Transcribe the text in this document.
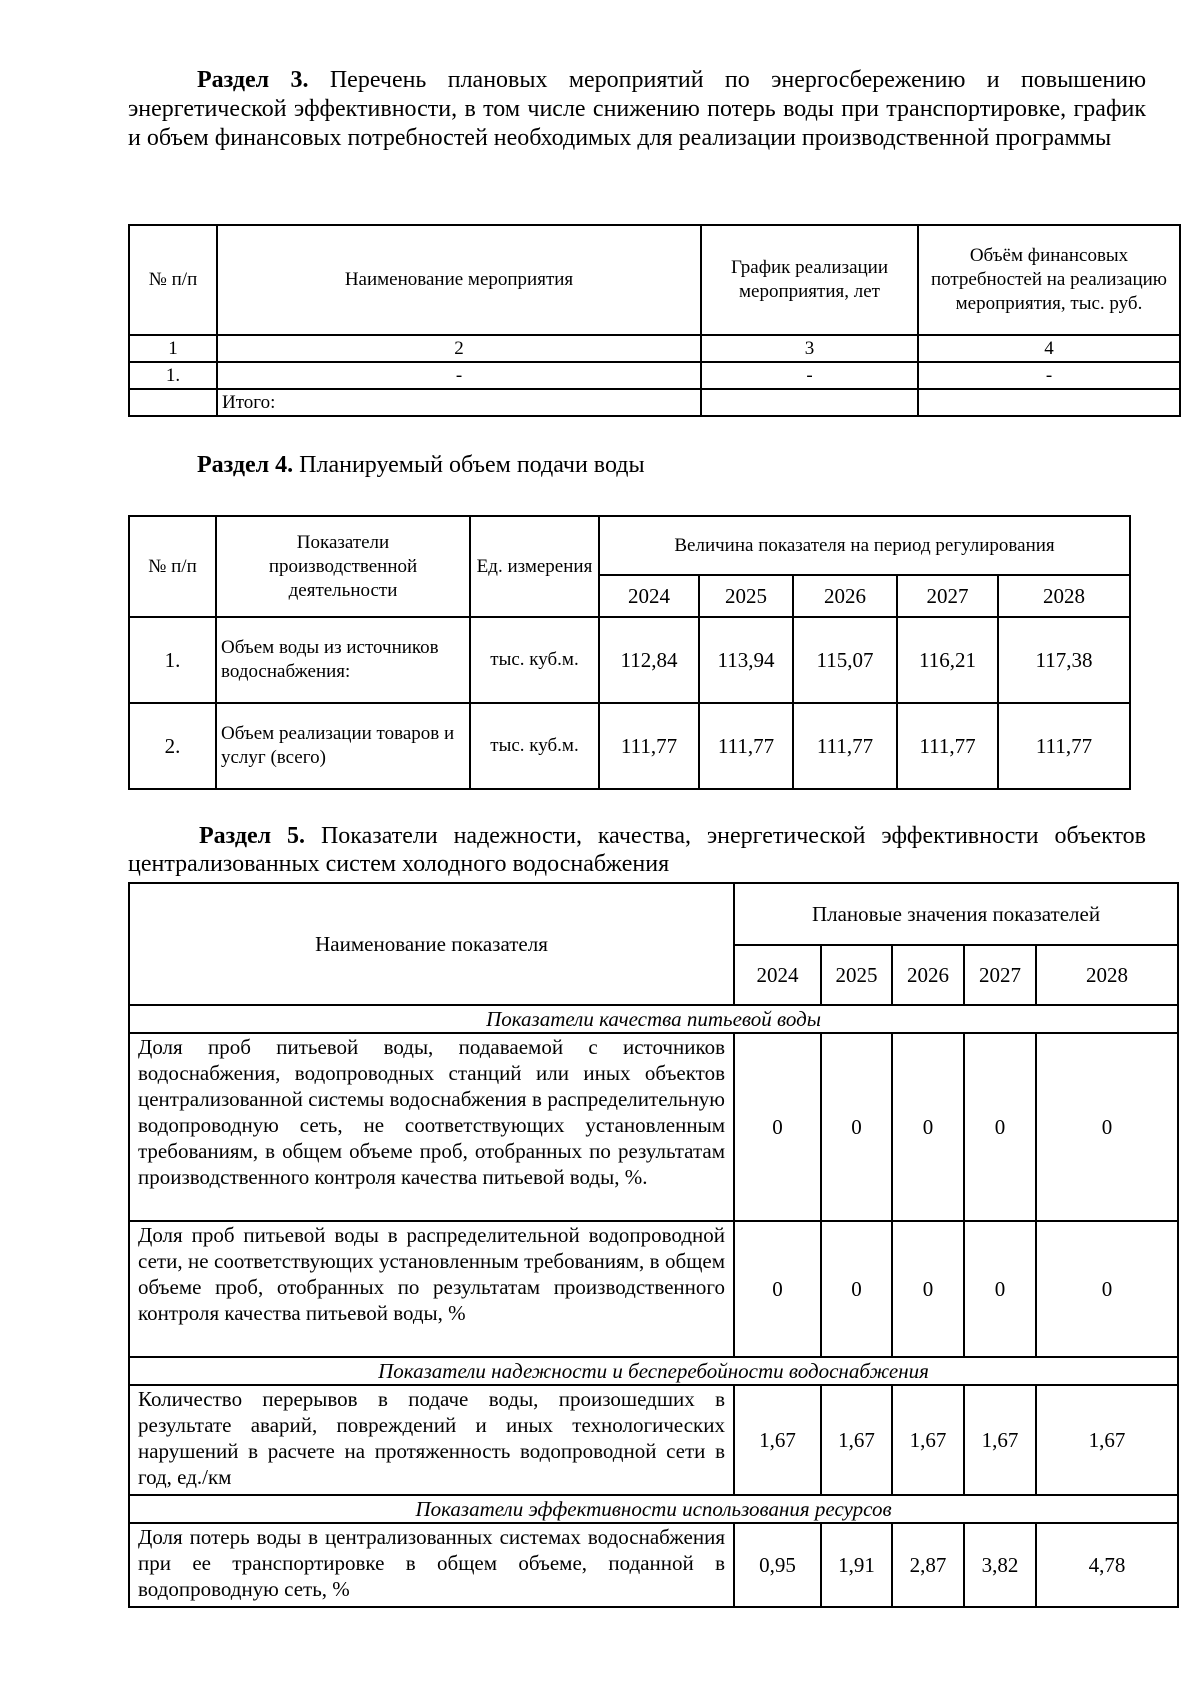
Раздел 3. Перечень плановых мероприятий по энергосбережению и повышению энергетической эффективности, в том числе снижению потерь воды при транспортировке, график и объем финансовых потребностей необходимых для реализации производственной программы

№ п/п	Наименование мероприятия	График реализации мероприятия, лет	Объём финансовых потребностей на реализацию мероприятия, тыс. руб.
1	2	3	4
1.	-	-	-
	Итого:		

Раздел 4. Планируемый объем подачи воды

№ п/п	Показатели производственной деятельности	Ед. измерения	Величина показателя на период регулирования				
			2024	2025	2026	2027	2028
1.	Объем воды из источников водоснабжения:	тыс. куб.м.	112,84	113,94	115,07	116,21	117,38
2.	Объем реализации товаров и услуг (всего)	тыс. куб.м.	111,77	111,77	111,77	111,77	111,77

Раздел 5. Показатели надежности, качества, энергетической эффективности объектов централизованных систем холодного водоснабжения

Наименование показателя	Плановые значения показателей				
	2024	2025	2026	2027	2028
Показатели качества питьевой воды					
Доля проб питьевой воды, подаваемой с источников водоснабжения, водопроводных станций или иных объектов централизованной системы водоснабжения в распределительную водопроводную сеть, не соответствующих установленным требованиям, в общем объеме проб, отобранных по результатам производственного контроля качества питьевой воды, %.	0	0	0	0	0
Доля проб питьевой воды в распределительной водопроводной сети, не соответствующих установленным требованиям, в общем объеме проб, отобранных по результатам производственного контроля качества питьевой воды, %	0	0	0	0	0
Показатели надежности и бесперебойности водоснабжения					
Количество перерывов в подаче воды, произошедших в результате аварий, повреждений и иных технологических нарушений в расчете на протяженность водопроводной сети в год, ед./км	1,67	1,67	1,67	1,67	1,67
Показатели эффективности использования ресурсов					
Доля потерь воды в централизованных системах водоснабжения при ее транспортировке в общем объеме, поданной в водопроводную сеть, %	0,95	1,91	2,87	3,82	4,78
